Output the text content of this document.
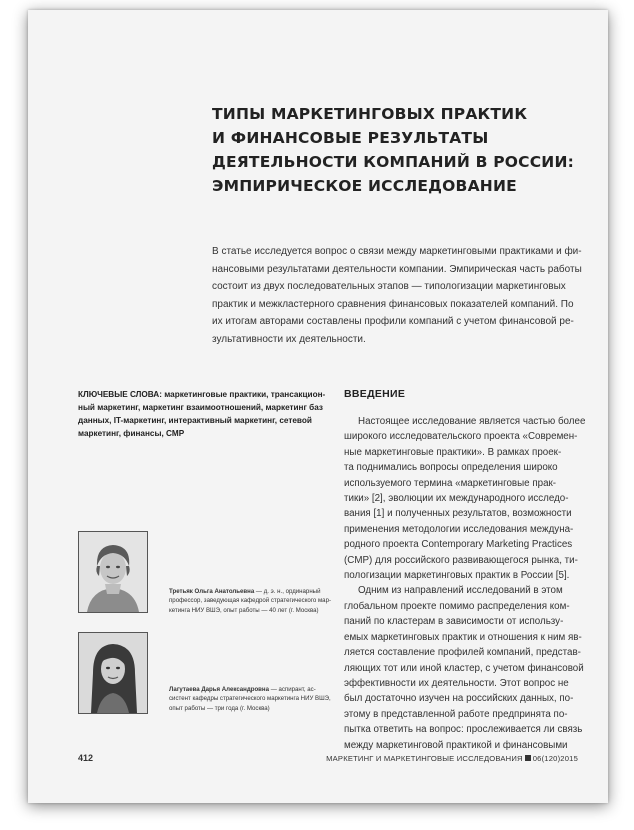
ТИПЫ МАРКЕТИНГОВЫХ ПРАКТИК
И ФИНАНСОВЫЕ РЕЗУЛЬТАТЫ
ДЕЯТЕЛЬНОСТИ КОМПАНИЙ В РОССИИ:
ЭМПИРИЧЕСКОЕ ИССЛЕДОВАНИЕ
В статье исследуется вопрос о связи между маркетинговыми практиками и фи-
нансовыми результатами деятельности компании. Эмпирическая часть работы
состоит из двух последовательных этапов — типологизации маркетинговых
практик и межкластерного сравнения финансовых показателей компаний. По
их итогам авторами составлены профили компаний с учетом финансовой ре-
зультативности их деятельности.
КЛЮЧЕВЫЕ СЛОВА: маркетинговые практики, трансакцион-
ный маркетинг, маркетинг взаимоотношений, маркетинг баз
данных, IT-маркетинг, интерактивный маркетинг, сетевой
маркетинг, финансы, CMP
ВВЕДЕНИЕ
Настоящее исследование является частью более
широкого исследовательского проекта «Современ-
ные маркетинговые практики». В рамках проек-
та поднимались вопросы определения широко
используемого термина «маркетинговые прак-
тики» [2], эволюции их международного исследо-
вания [1] и полученных результатов, возможности
применения методологии исследования междуна-
родного проекта Contemporary Marketing Practices
(CMP) для российского развивающегося рынка, ти-
пологизации маркетинговых практик в России [5].
Одним из направлений исследований в этом
глобальном проекте помимо распределения ком-
паний по кластерам в зависимости от использу-
емых маркетинговых практик и отношения к ним яв-
ляется составление профилей компаний, представ-
ляющих тот или иной кластер, с учетом финансовой
эффективности их деятельности. Этот вопрос не
был достаточно изучен на российских данных, по-
этому в представленной работе предпринята по-
пытка ответить на вопрос: прослеживается ли связь
между маркетинговой практикой и финансовыми
Третьяк Ольга Анатольевна — д. э. н., ординарный
профессор, заведующая кафедрой стратегического мар-
кетинга НИУ ВШЭ, опыт работы — 40 лет (г. Москва)
Лагутаева Дарья Александровна — аспирант, ас-
систент кафедры стратегического маркетинга НИУ ВШЭ,
опыт работы — три года (г. Москва)
412	МАРКЕТИНГ И МАРКЕТИНГОВЫЕ ИССЛЕДОВАНИЯ 06(120)2015
